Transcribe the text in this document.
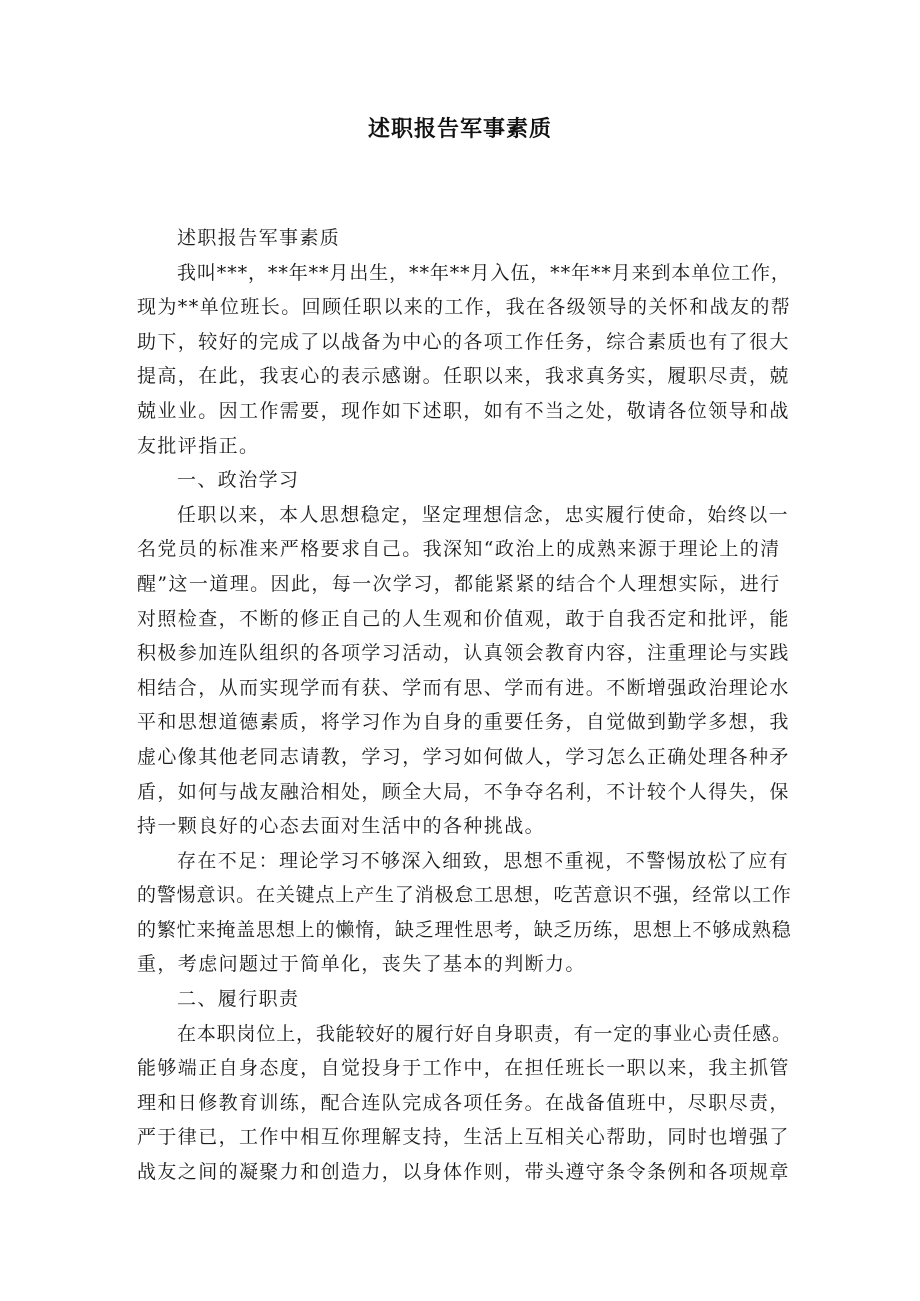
述职报告军事素质
述职报告军事素质
我叫***，**年**月出生，**年**月入伍，**年**月来到本单位工作，
现为**单位班长。回顾任职以来的工作，我在各级领导的关怀和战友的帮
助下，较好的完成了以战备为中心的各项工作任务，综合素质也有了很大
提高，在此，我衷心的表示感谢。任职以来，我求真务实，履职尽责，兢
兢业业。因工作需要，现作如下述职，如有不当之处，敬请各位领导和战
友批评指正。
一、政治学习
任职以来，本人思想稳定，坚定理想信念，忠实履行使命，始终以一
名党员的标准来严格要求自己。我深知“政治上的成熟来源于理论上的清
醒”这一道理。因此，每一次学习，都能紧紧的结合个人理想实际，进行
对照检查，不断的修正自己的人生观和价值观，敢于自我否定和批评，能
积极参加连队组织的各项学习活动，认真领会教育内容，注重理论与实践
相结合，从而实现学而有获、学而有思、学而有进。不断增强政治理论水
平和思想道德素质，将学习作为自身的重要任务，自觉做到勤学多想，我
虚心像其他老同志请教，学习，学习如何做人，学习怎么正确处理各种矛
盾，如何与战友融洽相处，顾全大局，不争夺名利，不计较个人得失，保
持一颗良好的心态去面对生活中的各种挑战。
存在不足：理论学习不够深入细致，思想不重视，不警惕放松了应有
的警惕意识。在关键点上产生了消极怠工思想，吃苦意识不强，经常以工作
的繁忙来掩盖思想上的懒惰，缺乏理性思考，缺乏历练，思想上不够成熟稳
重，考虑问题过于简单化，丧失了基本的判断力。
二、履行职责
在本职岗位上，我能较好的履行好自身职责，有一定的事业心责任感。
能够端正自身态度，自觉投身于工作中，在担任班长一职以来，我主抓管
理和日修教育训练，配合连队完成各项任务。在战备值班中，尽职尽责，
严于律已，工作中相互你理解支持，生活上互相关心帮助，同时也增强了
战友之间的凝聚力和创造力，以身体作则，带头遵守条令条例和各项规章
